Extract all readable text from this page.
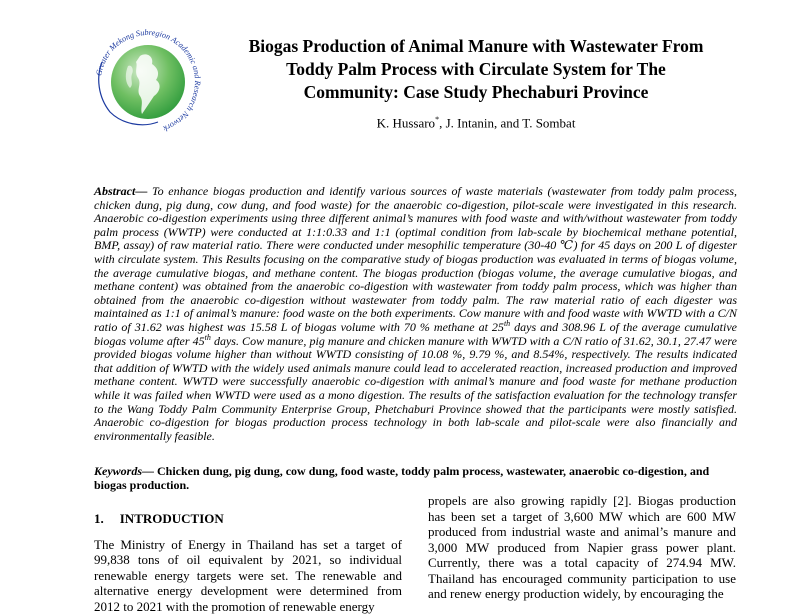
Greater Mekong Subregion Academic and Research Network
Biogas Production of Animal Manure with Wastewater From
Toddy Palm Process with Circulate System for The
Community: Case Study Phechaburi Province
K. Hussaro*, J. Intanin, and T. Sombat

Abstract— To enhance biogas production and identify various sources of waste materials (wastewater from toddy palm process, chicken dung, pig dung, cow dung, and food waste) for the anaerobic co-digestion, pilot-scale were investigated in this research. Anaerobic co-digestion experiments using three different animal’s manures with food waste and with/without wastewater from toddy palm process (WWTP) were conducted at 1:1:0.33 and 1:1 (optimal condition from lab-scale by biochemical methane potential, BMP, assay) of raw material ratio. There were conducted under mesophilic temperature (30-40 ℃) for 45 days on 200 L of digester with circulate system. This Results focusing on the comparative study of biogas production was evaluated in terms of biogas volume, the average cumulative biogas, and methane content. The biogas production (biogas volume, the average cumulative biogas, and methane content) was obtained from the anaerobic co-digestion with wastewater from toddy palm process, which was higher than obtained from the anaerobic co-digestion without wastewater from toddy palm. The raw material ratio of each digester was maintained as 1:1 of animal’s manure: food waste on the both experiments. Cow manure with and food waste with WWTD with a C/N ratio of 31.62 was highest was 15.58 L of biogas volume with 70 % methane at 25th days and 308.96 L of the average cumulative biogas volume after 45th days. Cow manure, pig manure and chicken manure with WWTD with a C/N ratio of 31.62, 30.1, 27.47 were provided biogas volume higher than without WWTD consisting of 10.08 %, 9.79 %, and 8.54%, respectively. The results indicated that addition of WWTD with the widely used animals manure could lead to accelerated reaction, increased production and improved methane content. WWTD were successfully anaerobic co-digestion with animal’s manure and food waste for methane production while it was failed when WWTD were used as a mono digestion. The results of the satisfaction evaluation for the technology transfer to the Wang Toddy Palm Community Enterprise Group, Phetchaburi Province showed that the participants were mostly satisfied. Anaerobic co-digestion for biogas production process technology in both lab-scale and pilot-scale were also financially and environmentally feasible.

Keywords— Chicken dung, pig dung, cow dung, food waste, toddy palm process, wastewater, anaerobic co-digestion, and biogas production.

1. INTRODUCTION

The Ministry of Energy in Thailand has set a target of 99,838 tons of oil equivalent by 2021, so individual renewable energy targets were set. The renewable and alternative energy development were determined from 2012 to 2021 with the promotion of renewable energy

propels are also growing rapidly [2]. Biogas production has been set a target of 3,600 MW which are 600 MW produced from industrial waste and animal’s manure and 3,000 MW produced from Napier grass power plant. Currently, there was a total capacity of 274.94 MW. Thailand has encouraged community participation to use and renew energy production widely, by encouraging the
